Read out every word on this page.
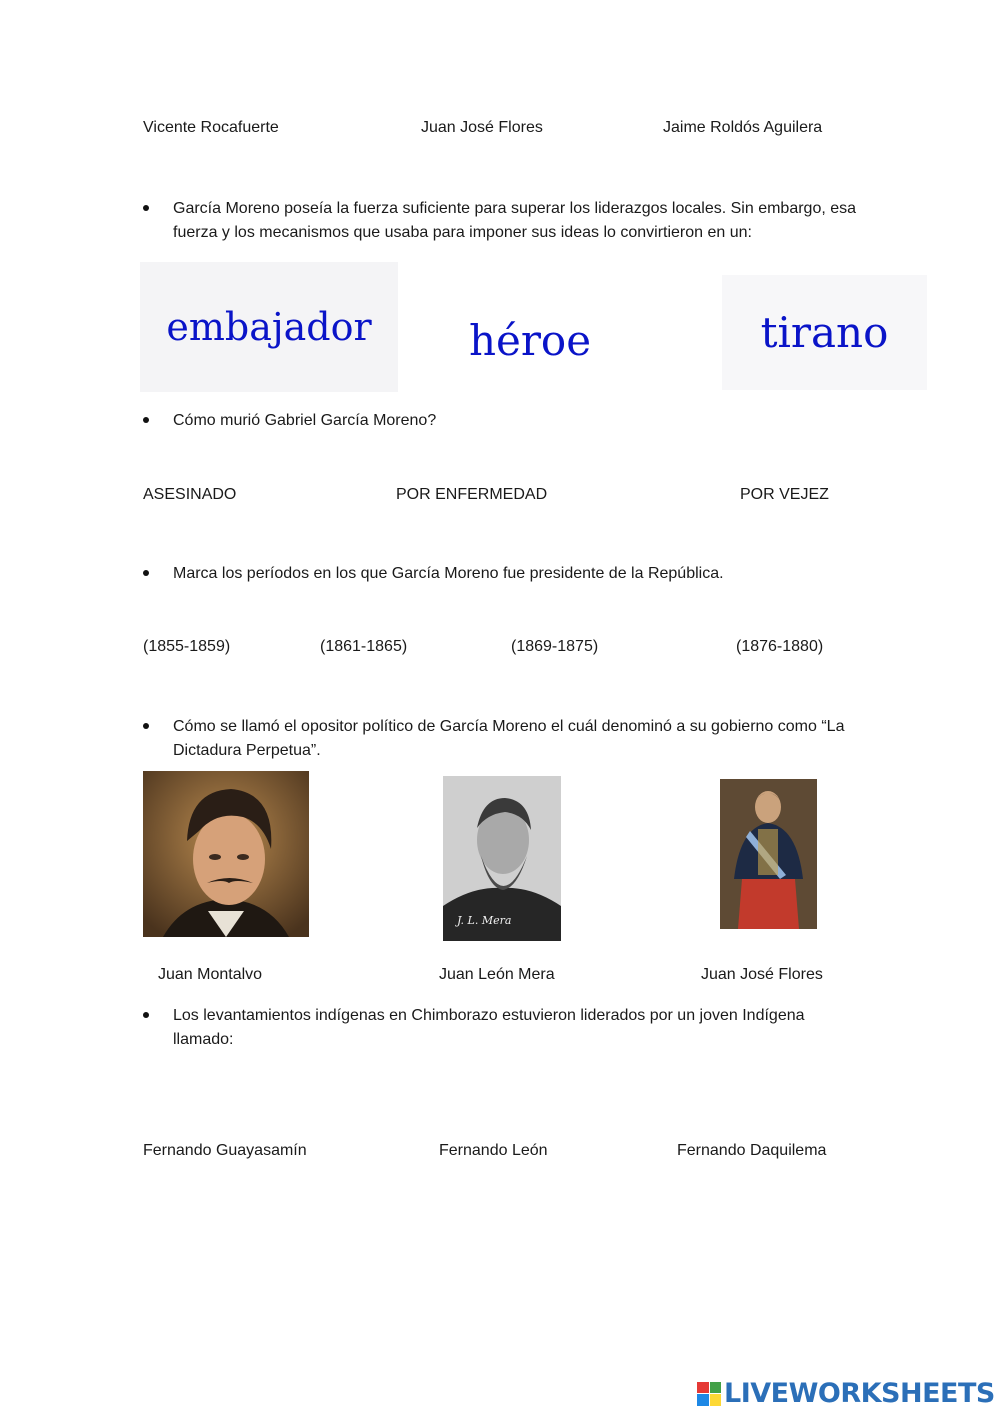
Vicente Rocafuerte	Juan José Flores	Jaime Roldós Aguilera
García Moreno poseía la fuerza suficiente para superar los liderazgos locales. Sin embargo, esa fuerza y los mecanismos que usaba para imponer sus ideas lo convirtieron en un:
embajador héroe	tirano
Cómo murió Gabriel García Moreno?
ASESINADO	POR ENFERMEDAD	POR VEJEZ
Marca los períodos en los que García Moreno fue presidente de la República.
(1855-1859)	(1861-1865)	(1869-1875)	(1876-1880)
Cómo se llamó el opositor político de García Moreno el cuál denominó a su gobierno como “La Dictadura Perpetua”.
J. L. Mera
Juan Montalvo	Juan León Mera	Juan José Flores
Los levantamientos indígenas en Chimborazo estuvieron liderados por un joven Indígena llamado:
Fernando Guayasamín	Fernando León	Fernando Daquilema
LIVEWORKSHEETS
